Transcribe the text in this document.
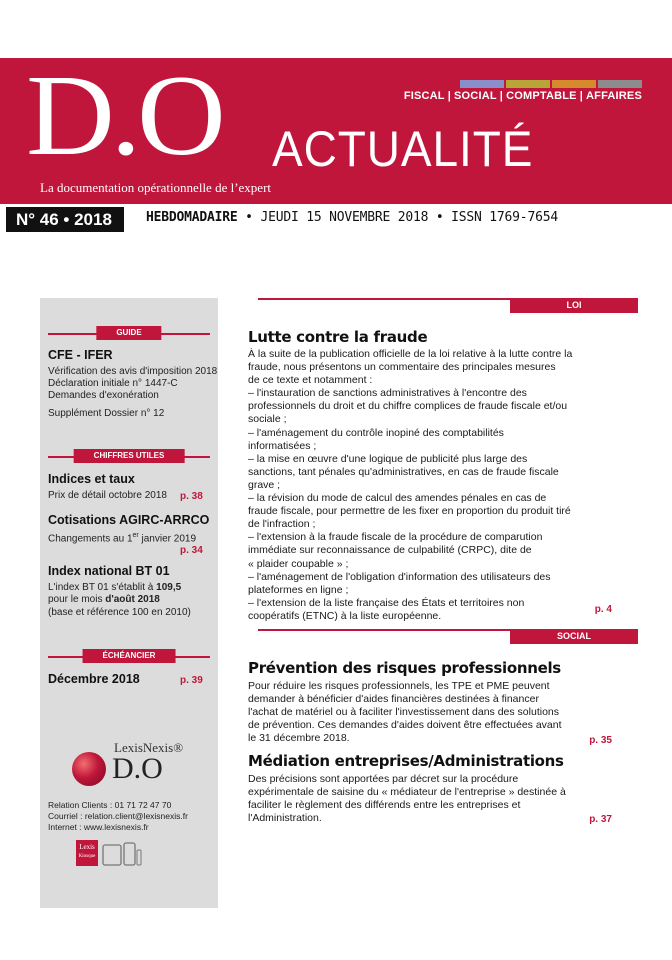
FISCAL | SOCIAL | COMPTABLE | AFFAIRES
D.O ACTUALITÉ
La documentation opérationnelle de l’expert
N° 46 • 2018	HEBDOMADAIRE • JEUDI 15 NOVEMBRE 2018 • ISSN 1769-7654
GUIDE
CFE - IFER
Vérification des avis d'imposition 2018
Déclaration initiale n° 1447-C
Demandes d'exonération
Supplément Dossier n° 12
CHIFFRES UTILES
Indices et taux
Prix de détail octobre 2018 p. 38
Cotisations AGIRC-ARRCO
Changements au 1er janvier 2019
p. 34
Index national BT 01
L'index BT 01 s'établit à 109,5
pour le mois d'août 2018
(base et référence 100 en 2010)
ÉCHÉANCIER
Décembre 2018	p. 39
LexisNexis®
D.O
Relation Clients : 01 71 72 47 70
Courriel : relation.client@lexisnexis.fr
Internet : www.lexisnexis.fr
Lexis
Kiosque
LOI
Lutte contre la fraude
À la suite de la publication officielle de la loi relative à la lutte contre la
fraude, nous présentons un commentaire des principales mesures
de ce texte et notamment :
– l'instauration de sanctions administratives à l'encontre des
professionnels du droit et du chiffre complices de fraude fiscale et/ou
sociale ;
– l'aménagement du contrôle inopiné des comptabilités
informatisées ;
– la mise en œuvre d'une logique de publicité plus large des
sanctions, tant pénales qu'administratives, en cas de fraude fiscale
grave ;
– la révision du mode de calcul des amendes pénales en cas de
fraude fiscale, pour permettre de les fixer en proportion du produit tiré
de l'infraction ;
– l'extension à la fraude fiscale de la procédure de comparution
immédiate sur reconnaissance de culpabilité (CRPC), dite de
« plaider coupable » ;
– l'aménagement de l'obligation d'information des utilisateurs des
plateformes en ligne ;
– l'extension de la liste française des États et territoires non
coopératifs (ETNC) à la liste européenne.
p. 4
SOCIAL
Prévention des risques professionnels
Pour réduire les risques professionnels, les TPE et PME peuvent
demander à bénéficier d'aides financières destinées à financer
l'achat de matériel ou à faciliter l'investissement dans des solutions
de prévention. Ces demandes d'aides doivent être effectuées avant
le 31 décembre 2018.	p. 35
Médiation entreprises/Administrations
Des précisions sont apportées par décret sur la procédure
expérimentale de saisine du « médiateur de l'entreprise » destinée à
faciliter le règlement des différends entre les entreprises et
l'Administration.	p. 37
